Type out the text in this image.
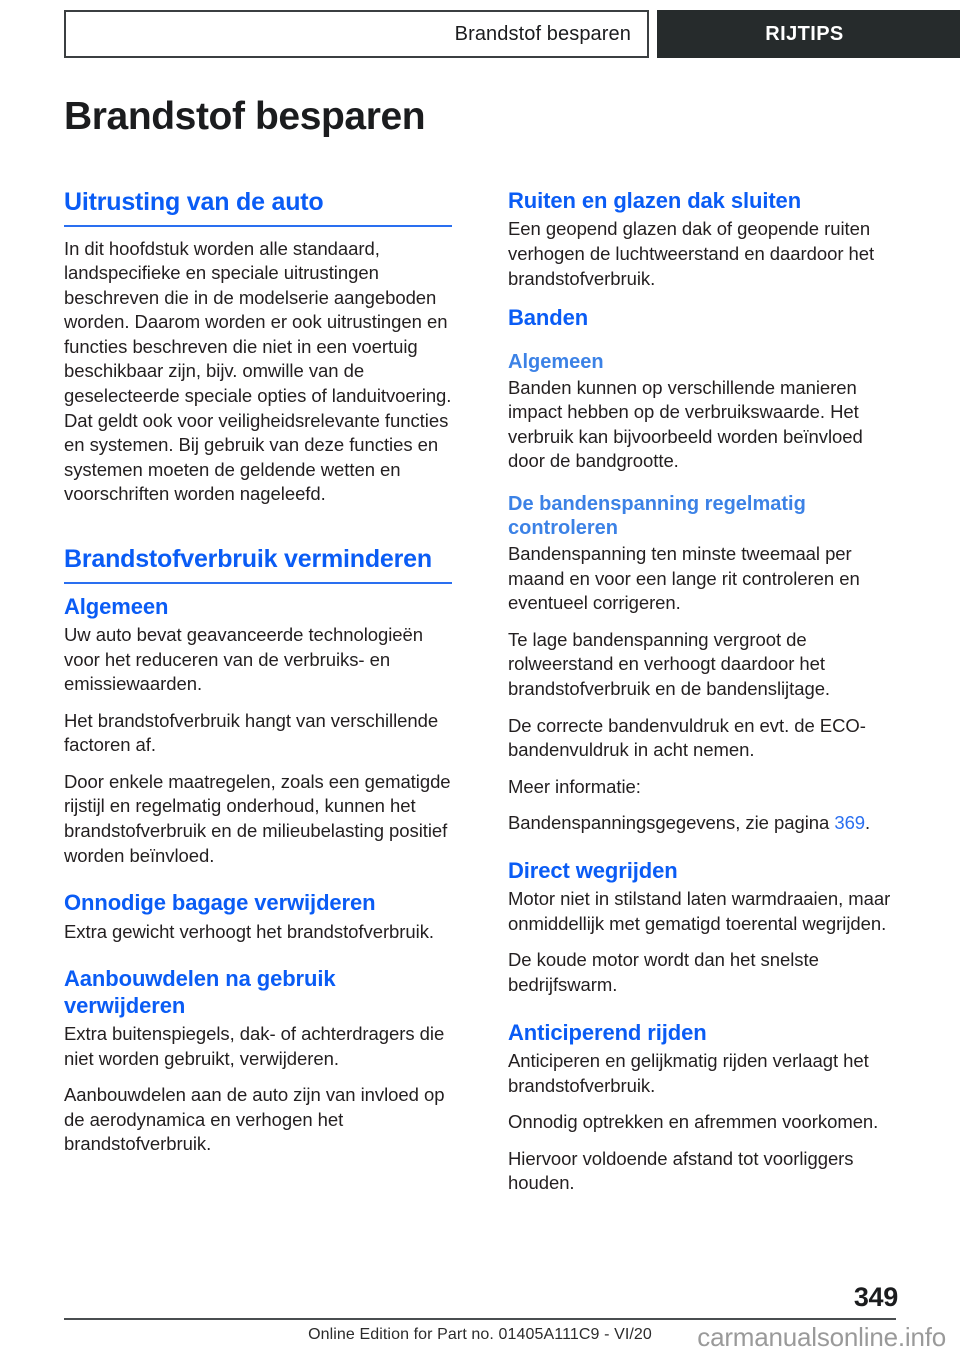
Brandstof besparen	RIJTIPS
Brandstof besparen
Uitrusting van de auto

In dit hoofdstuk worden alle standaard, landspecifieke en speciale uitrustingen beschreven die in de modelserie aangeboden worden. Daarom worden er ook uitrustingen en functies beschreven die niet in een voertuig beschikbaar zijn, bijv. omwille van de geselecteerde speciale opties of landuitvoering. Dat geldt ook voor veiligheidsrelevante functies en systemen. Bij gebruik van deze functies en systemen moeten de geldende wetten en voorschriften worden nageleefd.

Brandstofverbruik verminderen
Algemeen

Uw auto bevat geavanceerde technologieën voor het reduceren van de verbruiks- en emissiewaarden.

Het brandstofverbruik hangt van verschillende factoren af.

Door enkele maatregelen, zoals een gematigde rijstijl en regelmatig onderhoud, kunnen het brandstofverbruik en de milieubelasting positief worden beïnvloed.

Onnodige bagage verwijderen

Extra gewicht verhoogt het brandstofverbruik.

Aanbouwdelen na gebruik verwijderen

Extra buitenspiegels, dak- of achterdragers die niet worden gebruikt, verwijderen.

Aanbouwdelen aan de auto zijn van invloed op de aerodynamica en verhogen het brandstofverbruik.

Ruiten en glazen dak sluiten

Een geopend glazen dak of geopende ruiten verhogen de luchtweerstand en daardoor het brandstofverbruik.

Banden
Algemeen

Banden kunnen op verschillende manieren impact hebben op de verbruikswaarde. Het verbruik kan bijvoorbeeld worden beïnvloed door de bandgrootte.

De bandenspanning regelmatig controleren

Bandenspanning ten minste tweemaal per maand en voor een lange rit controleren en eventueel corrigeren.

Te lage bandenspanning vergroot de rolweerstand en verhoogt daardoor het brandstofverbruik en de bandenslijtage.

De correcte bandenvuldruk en evt. de ECO-bandenvuldruk in acht nemen.

Meer informatie:

Bandenspanningsgegevens, zie pagina 369.

Direct wegrijden

Motor niet in stilstand laten warmdraaien, maar onmiddellijk met gematigd toerental wegrijden.

De koude motor wordt dan het snelste bedrijfswarm.

Anticiperend rijden

Anticiperen en gelijkmatig rijden verlaagt het brandstofverbruik.

Onnodig optrekken en afremmen voorkomen.

Hiervoor voldoende afstand tot voorliggers houden.

349
Online Edition for Part no. 01405A111C9 - VI/20	carmanualsonline.info
